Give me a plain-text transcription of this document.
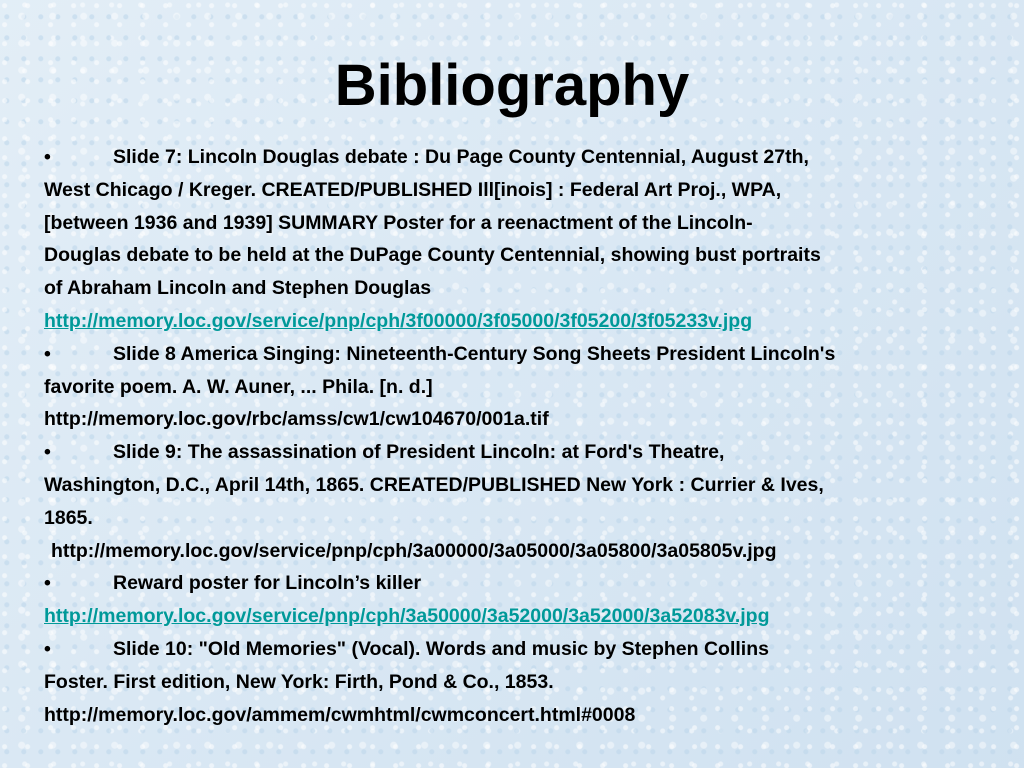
Bibliography
•	Slide 7: Lincoln Douglas debate : Du Page County Centennial, August 27th,
West Chicago / Kreger. CREATED/PUBLISHED Ill[inois] : Federal Art Proj., WPA,
[between 1936 and 1939] SUMMARY Poster for a reenactment of the Lincoln-
Douglas debate to be held at the DuPage County Centennial, showing bust portraits
of Abraham Lincoln and Stephen Douglas
http://memory.loc.gov/service/pnp/cph/3f00000/3f05000/3f05200/3f05233v.jpg
•	Slide 8 America Singing: Nineteenth-Century Song Sheets President Lincoln's
favorite poem. A. W. Auner, ... Phila. [n. d.]
http://memory.loc.gov/rbc/amss/cw1/cw104670/001a.tif
•	Slide 9: The assassination of President Lincoln: at Ford's Theatre,
Washington, D.C., April 14th, 1865. CREATED/PUBLISHED New York : Currier & Ives,
1865.
http://memory.loc.gov/service/pnp/cph/3a00000/3a05000/3a05800/3a05805v.jpg
•	Reward poster for Lincoln’s killer
http://memory.loc.gov/service/pnp/cph/3a50000/3a52000/3a52000/3a52083v.jpg
•	Slide 10: "Old Memories" (Vocal). Words and music by Stephen Collins
Foster. First edition, New York: Firth, Pond & Co., 1853.
http://memory.loc.gov/ammem/cwmhtml/cwmconcert.html#0008
